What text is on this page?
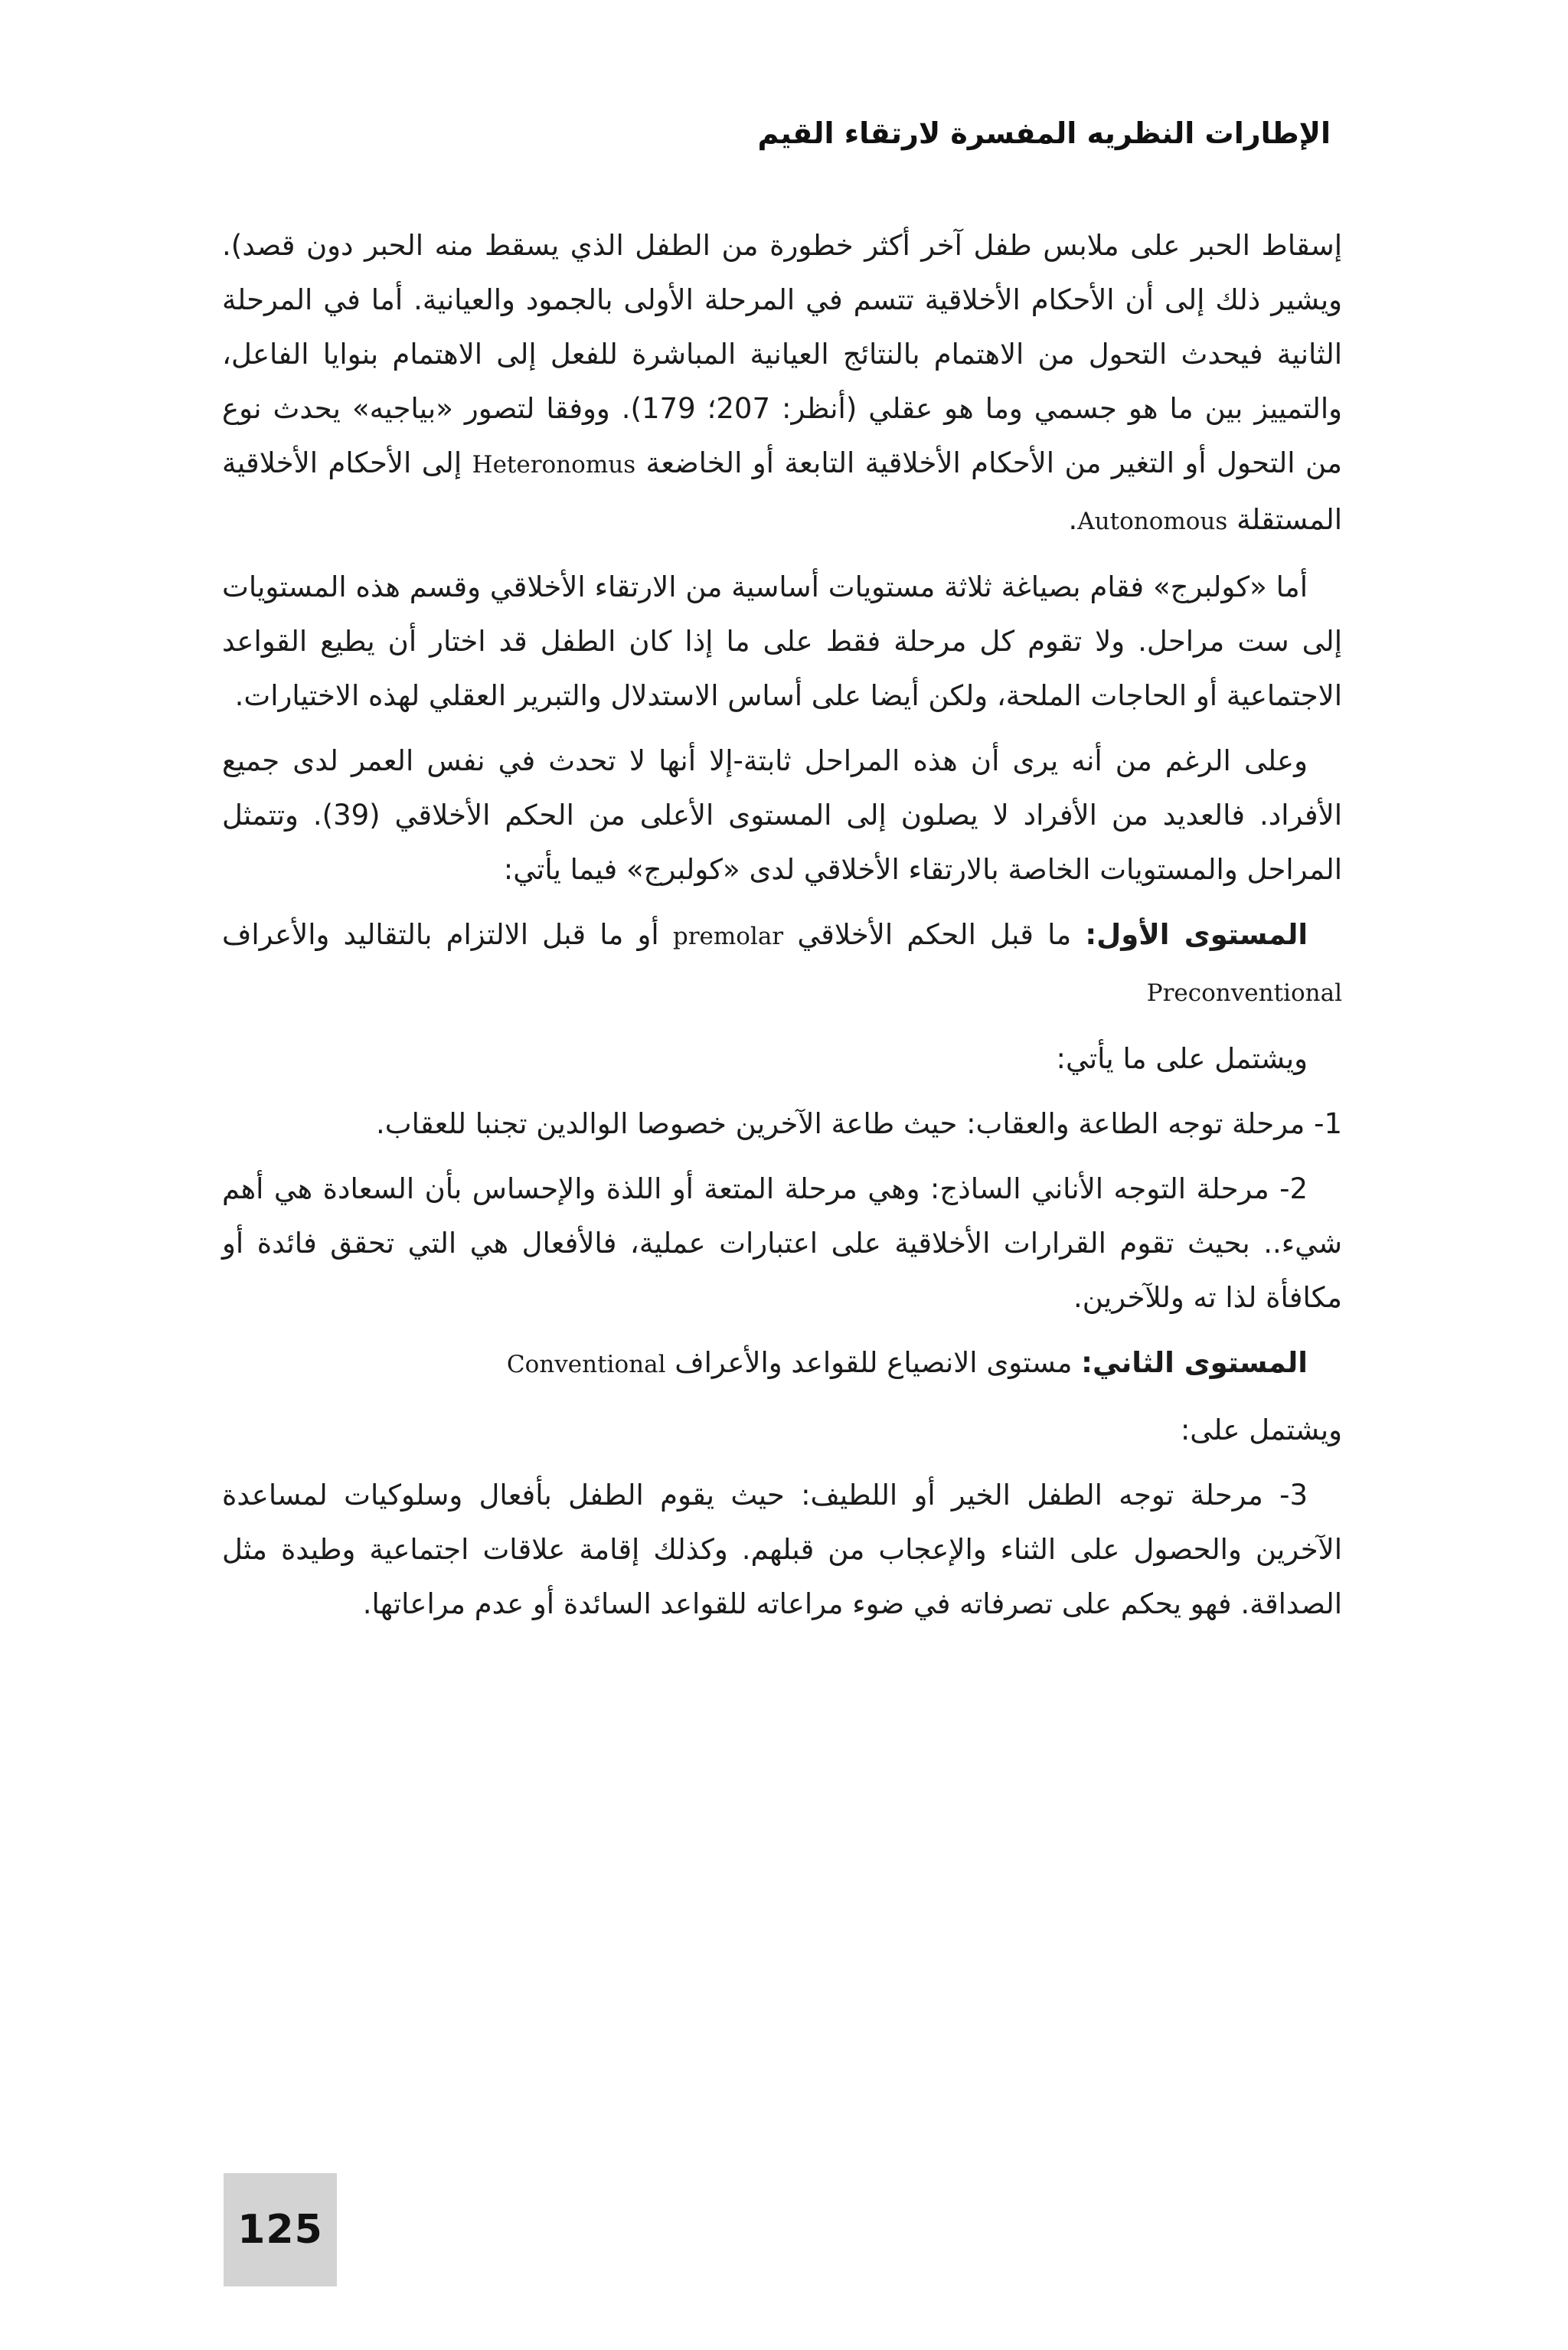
الإطارات النظريه المفسرة لارتقاء القيم

إسقاط الحبر على ملابس طفل آخر أكثر خطورة من الطفل الذي يسقط منه الحبر دون قصد). ويشير ذلك إلى أن الأحكام الأخلاقية تتسم في المرحلة الأولى بالجمود والعيانية. أما في المرحلة الثانية فيحدث التحول من الاهتمام بالنتائج العيانية المباشرة للفعل إلى الاهتمام بنوايا الفاعل، والتمييز بين ما هو جسمي وما هو عقلي (أنظر: 207؛ 179). ووفقا لتصور «بياجيه» يحدث نوع من التحول أو التغير من الأحكام الأخلاقية التابعة أو الخاضعة Heteronomus إلى الأحكام الأخلاقية المستقلة Autonomous.

أما «كولبرج» فقام بصياغة ثلاثة مستويات أساسية من الارتقاء الأخلاقي وقسم هذه المستويات إلى ست مراحل. ولا تقوم كل مرحلة فقط على ما إذا كان الطفل قد اختار أن يطيع القواعد الاجتماعية أو الحاجات الملحة، ولكن أيضا على أساس الاستدلال والتبرير العقلي لهذه الاختيارات.

وعلى الرغم من أنه يرى أن هذه المراحل ثابتة-إلا أنها لا تحدث في نفس العمر لدى جميع الأفراد. فالعديد من الأفراد لا يصلون إلى المستوى الأعلى من الحكم الأخلاقي (39). وتتمثل المراحل والمستويات الخاصة بالارتقاء الأخلاقي لدى «كولبرج» فيما يأتي:

المستوى الأول: ما قبل الحكم الأخلاقي premolar أو ما قبل الالتزام بالتقاليد والأعراف Preconventional

ويشتمل على ما يأتي:

1- مرحلة توجه الطاعة والعقاب: حيث طاعة الآخرين خصوصا الوالدين تجنبا للعقاب.

2- مرحلة التوجه الأناني الساذج: وهي مرحلة المتعة أو اللذة والإحساس بأن السعادة هي أهم شيء.. بحيث تقوم القرارات الأخلاقية على اعتبارات عملية، فالأفعال هي التي تحقق فائدة أو مكافأة لذا ته وللآخرين.

المستوى الثاني: مستوى الانصياع للقواعد والأعراف Conventional

ويشتمل على:

3- مرحلة توجه الطفل الخير أو اللطيف: حيث يقوم الطفل بأفعال وسلوكيات لمساعدة الآخرين والحصول على الثناء والإعجاب من قبلهم. وكذلك إقامة علاقات اجتماعية وطيدة مثل الصداقة. فهو يحكم على تصرفاته في ضوء مراعاته للقواعد السائدة أو عدم مراعاتها.

125
